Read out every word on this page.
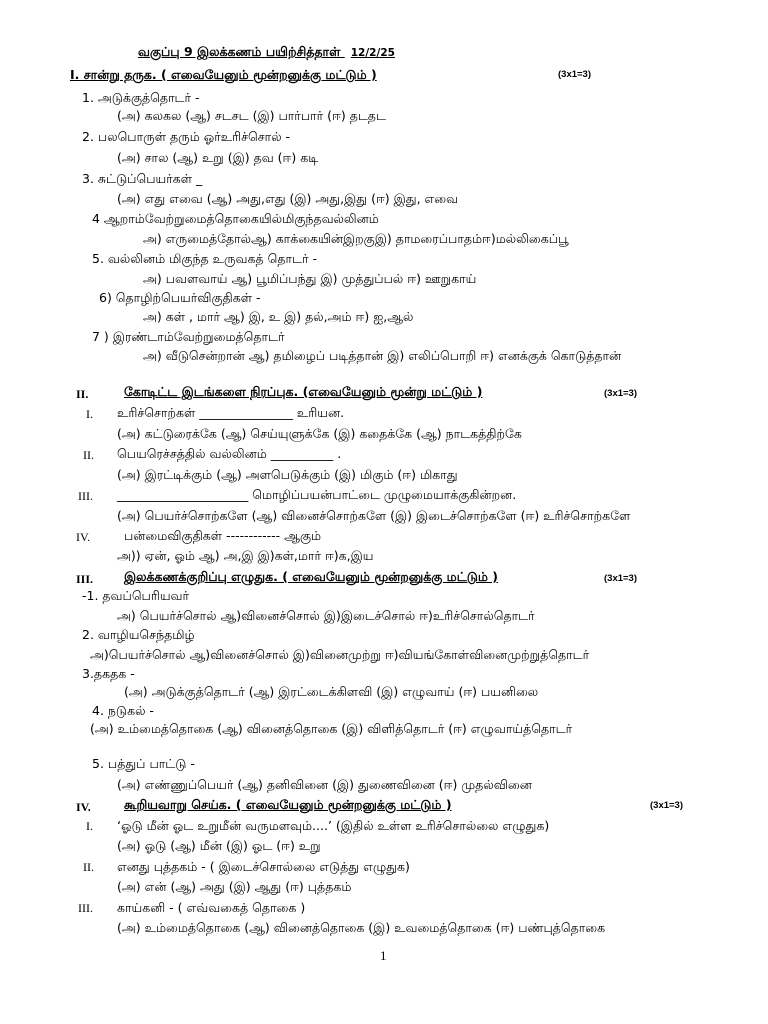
வகுப்பு 9 இலக்கணம் பயிற்சித்தாள் 12/2/25
I. சான்று தருக. ( எவையேனும் மூன்றனுக்கு மட்டும் )	(3x1=3)
1. அடுக்குத்தொடர் -
(அ) கலகல (ஆ) சடசட (இ) பார்பார் (ஈ) தடதட
2. பலபொருள் தரும் ஓர்உரிச்சொல் -
(அ) சால (ஆ) உறு (இ) தவ (ஈ) கடி
3. சுட்டுப்பெயர்கள் _
(அ) எது எவை (ஆ) அது,எது (இ) அது,இது (ஈ) இது, எவை
4 ஆறாம்வேற்றுமைத்தொகையில்மிகுந்தவல்லினம்
அ) எருமைத்தோல்ஆ) காக்கையின்இறகுஇ) தாமரைப்பாதம்ஈ)மல்லிகைப்பூ
5. வல்லினம் மிகுந்த உருவகத் தொடர் -
அ) பவளவாய் ஆ) பூமிப்பந்து இ) முத்துப்பல் ஈ) ஊறுகாய்
6) தொழிற்பெயர்விகுதிகள் -
அ) கள் , மார் ஆ) இ, உ இ) தல்,அம் ஈ) ஐ,ஆல்
7 ) இரண்டாம்வேற்றுமைத்தொடர்
அ) வீடுசென்றான் ஆ) தமிழைப் படித்தான் இ) எலிப்பொறி ஈ) எனக்குக் கொடுத்தான்
II.	கோடிட்ட இடங்களை நிரப்புக. (எவையேனும் மூன்று மட்டும் )	(3x1=3)
I. உரிச்சொற்கள் _______________ உரியன.
(அ) கட்டுரைக்கே (ஆ) செய்யுளுக்கே (இ) கதைக்கே (ஆ) நாடகத்திற்கே
II. பெயரெச்சத்தில் வல்லினம் __________ .
(அ) இரட்டிக்கும் (ஆ) அளபெடுக்கும் (இ) மிகும் (ஈ) மிகாது
III. _____________________ மொழிப்பயன்பாட்டை முழுமையாக்குகின்றன.
(அ) பெயர்ச்சொற்களே (ஆ) வினைச்சொற்களே (இ) இடைச்சொற்களே (ஈ) உரிச்சொற்களே
IV.	பன்மைவிகுதிகள் ------------ ஆகும்
அ)) ஏன், ஓம் ஆ) அ,இ இ)கள்,மார் ஈ)க,இய
III. இலக்கணக்குறிப்பு எழுதுக. ( எவையேனும் மூன்றனுக்கு மட்டும் )	(3x1=3)
-1. தவப்பெரியவர்
அ) பெயர்ச்சொல் ஆ)வினைச்சொல் இ)இடைச்சொல் ஈ)உரிச்சொல்தொடர்
2. வாழியசெந்தமிழ்
அ)பெயர்ச்சொல் ஆ)வினைச்சொல் இ)வினைமுற்று ஈ)வியங்கோள்வினைமுற்றுத்தொடர்
3.தகதக -
(அ) அடுக்குத்தொடர் (ஆ) இரட்டைக்கிளவி (இ) எழுவாய் (ஈ) பயனிலை
4. நடுகல் -
(அ) உம்மைத்தொகை (ஆ) வினைத்தொகை (இ) விளித்தொடர் (ஈ) எழுவாய்த்தொடர்
5. பத்துப் பாட்டு -
(அ) எண்ணுப்பெயர் (ஆ) தனிவினை (இ) துணைவினை (ஈ) முதல்வினை
IV.	கூறியவாறு செய்க. ( எவையேனும் மூன்றனுக்கு மட்டும் )	(3x1=3)
I. ‘ஓடு மீன் ஓட உறுமீன் வருமளவும்....’ (இதில் உள்ள உரிச்சொல்லை எழுதுக)
(அ) ஓடு (ஆ) மீன் (இ) ஓட (ஈ) உறு
II. எனது புத்தகம் - ( இடைச்சொல்லை எடுத்து எழுதுக)
(அ) என் (ஆ) அது (இ) ஆது (ஈ) புத்தகம்
III. காய்கனி - ( எவ்வகைத் தொகை )
(அ) உம்மைத்தொகை (ஆ) வினைத்தொகை (இ) உவமைத்தொகை (ஈ) பண்புத்தொகை
1
